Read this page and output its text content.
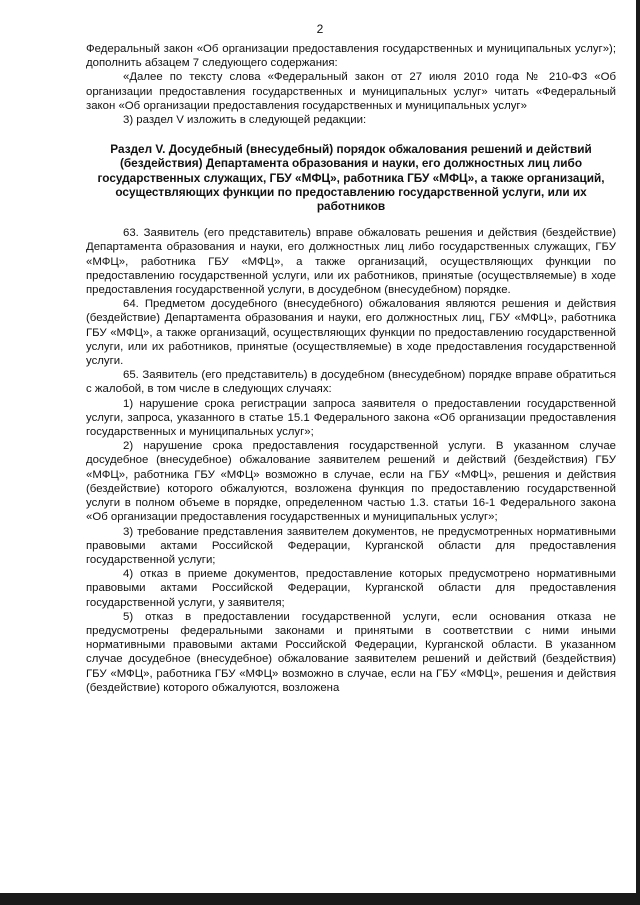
2

Федеральный закон «Об организации предоставления государственных и муниципальных услуг»); дополнить абзацем 7 следующего содержания:

«Далее по тексту слова «Федеральный закон от 27 июля 2010 года № 210-ФЗ «Об организации предоставления государственных и муниципальных услуг» читать «Федеральный закон «Об организации предоставления государственных и муниципальных услуг»

3) раздел V изложить в следующей редакции:

Раздел V. Досудебный (внесудебный) порядок обжалования решений и действий (бездействия) Департамента образования и науки, его должностных лиц либо государственных служащих, ГБУ «МФЦ», работника ГБУ «МФЦ», а также организаций, осуществляющих функции по предоставлению государственной услуги, или их работников

63. Заявитель (его представитель) вправе обжаловать решения и действия (бездействие) Департамента образования и науки, его должностных лиц либо государственных служащих, ГБУ «МФЦ», работника ГБУ «МФЦ», а также организаций, осуществляющих функции по предоставлению государственной услуги, или их работников, принятые (осуществляемые) в ходе предоставления государственной услуги, в досудебном (внесудебном) порядке.

64. Предметом досудебного (внесудебного) обжалования являются решения и действия (бездействие) Департамента образования и науки, его должностных лиц, ГБУ «МФЦ», работника ГБУ «МФЦ», а также организаций, осуществляющих функции по предоставлению государственной услуги, или их работников, принятые (осуществляемые) в ходе предоставления государственной услуги.

65. Заявитель (его представитель) в досудебном (внесудебном) порядке вправе обратиться с жалобой, в том числе в следующих случаях:

1) нарушение срока регистрации запроса заявителя о предоставлении государственной услуги, запроса, указанного в статье 15.1 Федерального закона «Об организации предоставления государственных и муниципальных услуг»;

2) нарушение срока предоставления государственной услуги. В указанном случае досудебное (внесудебное) обжалование заявителем решений и действий (бездействия) ГБУ «МФЦ», работника ГБУ «МФЦ» возможно в случае, если на ГБУ «МФЦ», решения и действия (бездействие) которого обжалуются, возложена функция по предоставлению государственной услуги в полном объеме в порядке, определенном частью 1.3. статьи 16-1 Федерального закона «Об организации предоставления государственных и муниципальных услуг»;

3) требование представления заявителем документов, не предусмотренных нормативными правовыми актами Российской Федерации, Курганской области для предоставления государственной услуги;

4) отказ в приеме документов, предоставление которых предусмотрено нормативными правовыми актами Российской Федерации, Курганской области для предоставления государственной услуги, у заявителя;

5) отказ в предоставлении государственной услуги, если основания отказа не предусмотрены федеральными законами и принятыми в соответствии с ними иными нормативными правовыми актами Российской Федерации, Курганской области. В указанном случае досудебное (внесудебное) обжалование заявителем решений и действий (бездействия) ГБУ «МФЦ», работника ГБУ «МФЦ» возможно в случае, если на ГБУ «МФЦ», решения и действия (бездействие) которого обжалуются, возложена
